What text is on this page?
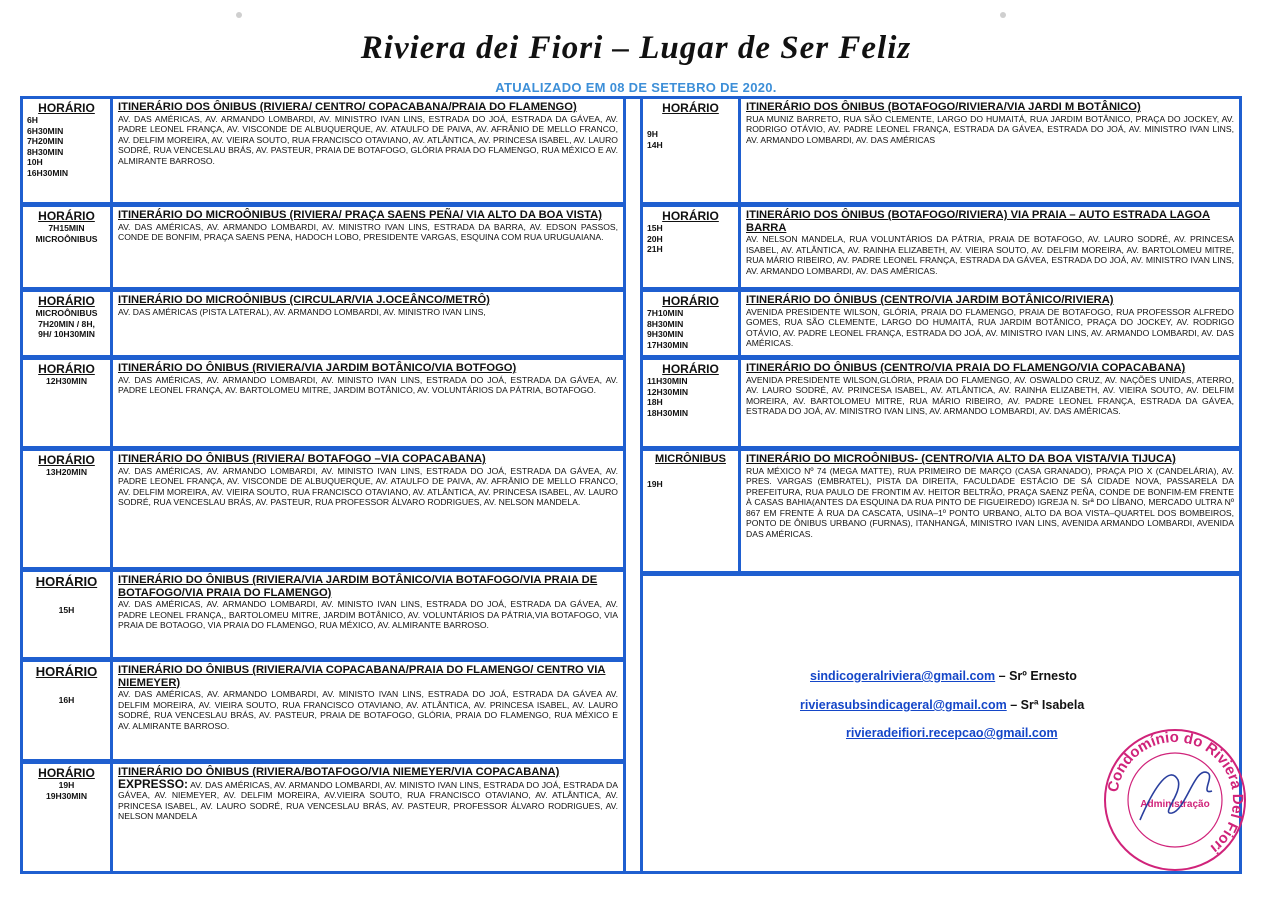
Riviera dei Fiori – Lugar de Ser Feliz
ATUALIZADO EM 08 DE SETEBRO DE 2020.
HORÁRIO
6H
6H30MIN
7H20MIN
8H30MIN
10H
16H30MIN
ITINERÁRIO DOS ÔNIBUS (RIVIERA/ CENTRO/ COPACABANA/PRAIA DO FLAMENGO)
AV. DAS AMÉRICAS, AV. ARMANDO LOMBARDI, AV. MINISTRO IVAN LINS, ESTRADA DO JOÁ, ESTRADA DA GÁVEA, AV. PADRE LEONEL FRANÇA, AV. VISCONDE DE ALBUQUERQUE, AV. ATAULFO DE PAIVA, AV. AFRÂNIO DE MELLO FRANCO, AV. DELFIM MOREIRA, AV. VIEIRA SOUTO, RUA FRANCISCO OTAVIANO, AV. ATLÂNTICA, AV. PRINCESA ISABEL, AV. LAURO SODRÉ, RUA VENCESLAU BRÁS, AV. PASTEUR, PRAIA DE BOTAFOGO, GLÓRIA PRAIA DO FLAMENGO, RUA MÉXICO E AV. ALMIRANTE BARROSO.
HORÁRIO
7H15MIN
MICROÔNIBUS
ITINERÁRIO DO MICROÔNIBUS (RIVIERA/ PRAÇA SAENS PEÑA/ VIA ALTO DA BOA VISTA)
AV. DAS AMÉRICAS, AV. ARMANDO LOMBARDI, AV. MINISTRO IVAN LINS, ESTRADA DA BARRA, AV. EDSON PASSOS, CONDE DE BONFIM, PRAÇA SAENS PENA, HADOCH LOBO, PRESIDENTE VARGAS, ESQUINA COM RUA URUGUAIANA.
HORÁRIO
MICROÔNIBUS
7H20MIN / 8H,
9H/ 10H30MIN
ITINERÁRIO DO MICROÔNIBUS (CIRCULAR/VIA J.OCEÂNCO/METRÔ)
AV. DAS AMÉRICAS (PISTA LATERAL), AV. ARMANDO LOMBARDI, AV. MINISTRO IVAN LINS,
HORÁRIO
12H30MIN
ITINERÁRIO DO ÔNIBUS (RIVIERA/VIA JARDIM BOTÂNICO/VIA BOTFOGO)
AV. DAS AMÉRICAS, AV. ARMANDO LOMBARDI, AV. MINISTO IVAN LINS, ESTRADA DO JOÁ, ESTRADA DA GÁVEA, AV. PADRE LEONEL FRANÇA, AV. BARTOLOMEU MITRE, JARDIM BOTÂNICO, AV. VOLUNTÁRIOS DA PÁTRIA, BOTAFOGO.
HORÁRIO
13H20MIN
ITINERÁRIO DO ÔNIBUS (RIVIERA/ BOTAFOGO –VIA COPACABANA)
AV. DAS AMÉRICAS, AV. ARMANDO LOMBARDI, AV. MINISTO IVAN LINS, ESTRADA DO JOÁ, ESTRADA DA GÁVEA, AV. PADRE LEONEL FRANÇA, AV. VISCONDE DE ALBUQUERQUE, AV. ATAULFO DE PAIVA, AV. AFRÂNIO DE MELLO FRANCO, AV. DELFIM MOREIRA, AV. VIEIRA SOUTO, RUA FRANCISCO OTAVIANO, AV. ATLÂNTICA, AV. PRINCESA ISABEL, AV. LAURO SODRÉ, RUA VENCESLAU BRÁS, AV. PASTEUR, RUA PROFESSOR ÁLVARO RODRIGUES, AV. NELSON MANDELA.
HORÁRIO
15H
ITINERÁRIO DO ÔNIBUS (RIVIERA/VIA JARDIM BOTÂNICO/VIA BOTAFOGO/VIA PRAIA DE BOTAFOGO/VIA PRAIA DO FLAMENGO)
AV. DAS AMÉRICAS, AV. ARMANDO LOMBARDI, AV. MINISTO IVAN LINS, ESTRADA DO JOÁ, ESTRADA DA GÁVEA, AV. PADRE LEONEL FRANÇA,, BARTOLOMEU MITRE, JARDIM BOTÂNICO, AV. VOLUNTÁRIOS DA PÁTRIA,VIA BOTAFOGO, VIA PRAIA DE BOTAOGO, VIA PRAIA DO FLAMENGO, RUA MÉXICO, AV. ALMIRANTE BARROSO.
HORÁRIO
16H
ITINERÁRIO DO ÔNIBUS (RIVIERA/VIA COPACABANA/PRAIA DO FLAMENGO/ CENTRO VIA NIEMEYER)
AV. DAS AMÉRICAS, AV. ARMANDO LOMBARDI, AV. MINISTO IVAN LINS, ESTRADA DO JOÁ, ESTRADA DA GÁVEA AV. DELFIM MOREIRA, AV. VIEIRA SOUTO, RUA FRANCISCO OTAVIANO, AV. ATLÂNTICA, AV. PRINCESA ISABEL, AV. LAURO SODRÉ, RUA VENCESLAU BRÁS, AV. PASTEUR, PRAIA DE BOTAFOGO, GLÓRIA, PRAIA DO FLAMENGO, RUA MÉXICO E AV. ALMIRANTE BARROSO.
HORÁRIO
19H
19H30MIN
ITINERÁRIO DO ÔNIBUS (RIVIERA/BOTAFOGO/VIA NIEMEYER/VIA COPACABANA)
EXPRESSO: AV. DAS AMÉRICAS, AV. ARMANDO LOMBARDI, AV. MINISTO IVAN LINS, ESTRADA DO JOÁ, ESTRADA DA GÁVEA, AV. NIEMEYER, AV. DELFIM MOREIRA, AV.VIEIRA SOUTO, RUA FRANCISCO OTAVIANO, AV. ATLÂNTICA, AV. PRINCESA ISABEL, AV. LAURO SODRÉ, RUA VENCESLAU BRÁS, AV. PASTEUR, PROFESSOR ÁLVARO RODRIGUES, AV. NELSON MANDELA
HORÁRIO
9H
14H
ITINERÁRIO DOS ÔNIBUS (BOTAFOGO/RIVIERA/VIA JARDI M BOTÂNICO)
RUA MUNIZ BARRETO, RUA SÃO CLEMENTE, LARGO DO HUMAITÁ, RUA JARDIM BOTÂNICO, PRAÇA DO JOCKEY, AV. RODRIGO OTÁVIO, AV. PADRE LEONEL FRANÇA, ESTRADA DA GÁVEA, ESTRADA DO JOÁ, AV. MINISTRO IVAN LINS, AV. ARMANDO LOMBARDI, AV. DAS AMÉRICAS
HORÁRIO
15H
20H
21H
ITINERÁRIO DOS ÔNIBUS (BOTAFOGO/RIVIERA) VIA PRAIA – AUTO ESTRADA LAGOA BARRA
AV. NELSON MANDELA, RUA VOLUNTÁRIOS DA PÁTRIA, PRAIA DE BOTAFOGO, AV. LAURO SODRÉ, AV. PRINCESA ISABEL, AV. ATLÂNTICA, AV. RAINHA ELIZABETH, AV. VIEIRA SOUTO, AV. DELFIM MOREIRA, AV. BARTOLOMEU MITRE, RUA MÁRIO RIBEIRO, AV. PADRE LEONEL FRANÇA, ESTRADA DA GÁVEA, ESTRADA DO JOÁ, AV. MINISTRO IVAN LINS, AV. ARMANDO LOMBARDI, AV. DAS AMÉRICAS.
HORÁRIO
7H10MIN
8H30MIN
9H30MIN
17H30MIN
ITINERÁRIO DO ÔNIBUS (CENTRO/VIA JARDIM BOTÂNICO/RIVIERA)
AVENIDA PRESIDENTE WILSON, GLÓRIA, PRAIA DO FLAMENGO, PRAIA DE BOTAFOGO, RUA PROFESSOR ALFREDO GOMES, RUA SÃO CLEMENTE, LARGO DO HUMAITÁ, RUA JARDIM BOTÂNICO, PRAÇA DO JOCKEY, AV. RODRIGO OTÁVIO, AV. PADRE LEONEL FRANÇA, ESTRADA DO JOÁ, AV. MINISTRO IVAN LINS, AV. ARMANDO LOMBARDI, AV. DAS AMÉRICAS.
HORÁRIO
11H30MIN
12H30MIN
18H
18H30MIN
ITINERÁRIO DO ÔNIBUS (CENTRO/VIA PRAIA DO FLAMENGO/VIA COPACABANA)
AVENIDA PRESIDENTE WILSON,GLÓRIA, PRAIA DO FLAMENGO, AV. OSWALDO CRUZ, AV. NAÇÕES UNIDAS, ATERRO, AV. LAURO SODRÉ, AV. PRINCESA ISABEL, AV. ATLÂNTICA, AV. RAINHA ELIZABETH, AV. VIEIRA SOUTO, AV. DELFIM MOREIRA, AV. BARTOLOMEU MITRE, RUA MÁRIO RIBEIRO, AV. PADRE LEONEL FRANÇA, ESTRADA DA GÁVEA, ESTRADA DO JOÁ, AV. MINISTRO IVAN LINS, AV. ARMANDO LOMBARDI, AV. DAS AMÉRICAS.
MICRÔNIBUS
19H
ITINERÁRIO DO MICROÔNIBUS- (CENTRO/VIA ALTO DA BOA VISTA/VIA TIJUCA)
RUA MÉXICO Nº 74 (MEGA MATTE), RUA PRIMEIRO DE MARÇO (CASA GRANADO), PRAÇA PIO X (CANDELÁRIA), AV. PRES. VARGAS (EMBRATEL), PISTA DA DIREITA, FACULDADE ESTÁCIO DE SÁ CIDADE NOVA, PASSARELA DA PREFEITURA, RUA PAULO DE FRONTIM AV. HEITOR BELTRÃO, PRAÇA SAENZ PEÑA, CONDE DE BONFIM-EM FRENTE À CASAS BAHIA(ANTES DA ESQUINA DA RUA PINTO DE FIGUEIREDO) IGREJA N. Srª DO LÍBANO, MERCADO ULTRA Nº 867 EM FRENTE À RUA DA CASCATA, USINA–1º PONTO URBANO, ALTO DA BOA VISTA–QUARTEL DOS BOMBEIROS, PONTO DE ÔNIBUS URBANO (FURNAS), ITANHANGÁ, MINISTRO IVAN LINS, AVENIDA ARMANDO LOMBARDI, AVENIDA DAS AMÉRICAS.
sindicogeralriviera@gmail.com – Srº Ernesto
rivierasubsindicageral@gmail.com – Srª Isabela
rivieradeifiori.recepcao@gmail.com
Condomínio do Riviera Del Fiori
Administração
